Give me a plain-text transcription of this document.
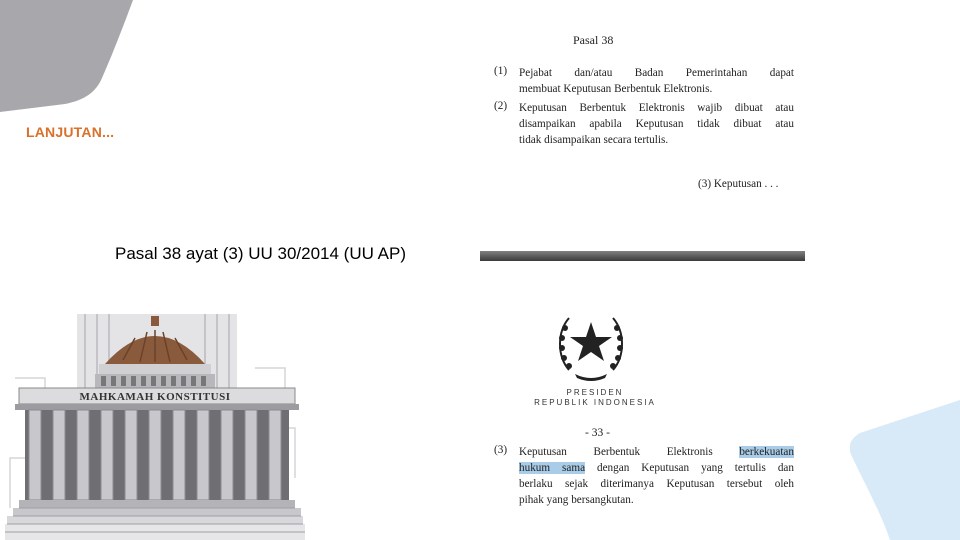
LANJUTAN...
Pasal 38 ayat (3) UU 30/2014 (UU AP)
Pasal 38
(1) Pejabat dan/atau Badan Pemerintahan dapat
membuat Keputusan Berbentuk Elektronis.
(2) Keputusan Berbentuk Elektronis wajib dibuat atau
disampaikan apabila Keputusan tidak dibuat atau
tidak disampaikan secara tertulis.
(3) Keputusan . . .
PRESIDEN
REPUBLIK INDONESIA
- 33 -
(3) Keputusan Berbentuk Elektronis berkekuatan
hukum sama dengan Keputusan yang tertulis dan
berlaku sejak diterimanya Keputusan tersebut oleh
pihak yang bersangkutan.
MAHKAMAH KONSTITUSI
